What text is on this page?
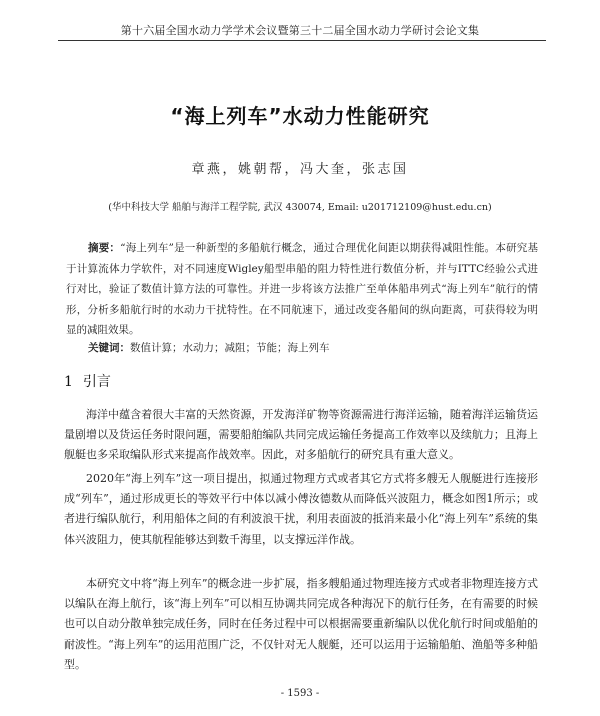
第十六届全国水动力学学术会议暨第三十二届全国水动力学研讨会论文集
“海上列车”水动力性能研究
章燕，姚朝帮，冯大奎，张志国
(华中科技大学 船舶与海洋工程学院, 武汉 430074, Email: u201712109@hust.edu.cn)
摘要：“海上列车”是一种新型的多船航行概念，通过合理优化间距以期获得减阻性能。本研究基于计算流体力学软件，对不同速度Wigley船型串船的阻力特性进行数值分析，并与ITTC经验公式进行对比，验证了数值计算方法的可靠性。并进一步将该方法推广至单体船串列式“海上列车”航行的情形，分析多船航行时的水动力干扰特性。在不同航速下，通过改变各船间的纵向距离，可获得较为明显的减阻效果。
关键词：数值计算；水动力；减阻；节能；海上列车
1 引言
海洋中蕴含着很大丰富的天然资源，开发海洋矿物等资源需进行海洋运输，随着海洋运输货运量剧增以及货运任务时限问题，需要船舶编队共同完成运输任务提高工作效率以及续航力；且海上舰艇也多采取编队形式来提高作战效率。因此，对多船航行的研究具有重大意义。
2020年“海上列车”这一项目提出，拟通过物理方式或者其它方式将多艘无人舰艇进行连接形成“列车”，通过形成更长的等效平行中体以减小傅汝德数从而降低兴波阻力，概念如图1所示；或者进行编队航行，利用船体之间的有利波浪干扰，利用表面波的抵消来最小化“海上列车”系统的集体兴波阻力，使其航程能够达到数千海里，以支撑远洋作战。
本研究文中将“海上列车”的概念进一步扩展，指多艘船通过物理连接方式或者非物理连接方式以编队在海上航行，该“海上列车”可以相互协调共同完成各种海况下的航行任务，在有需要的时候也可以自动分散单独完成任务，同时在任务过程中可以根据需要重新编队以优化航行时间或船舶的耐波性。“海上列车”的运用范围广泛，不仅针对无人舰艇，还可以运用于运输船舶、渔船等多种船型。
- 1593 -
